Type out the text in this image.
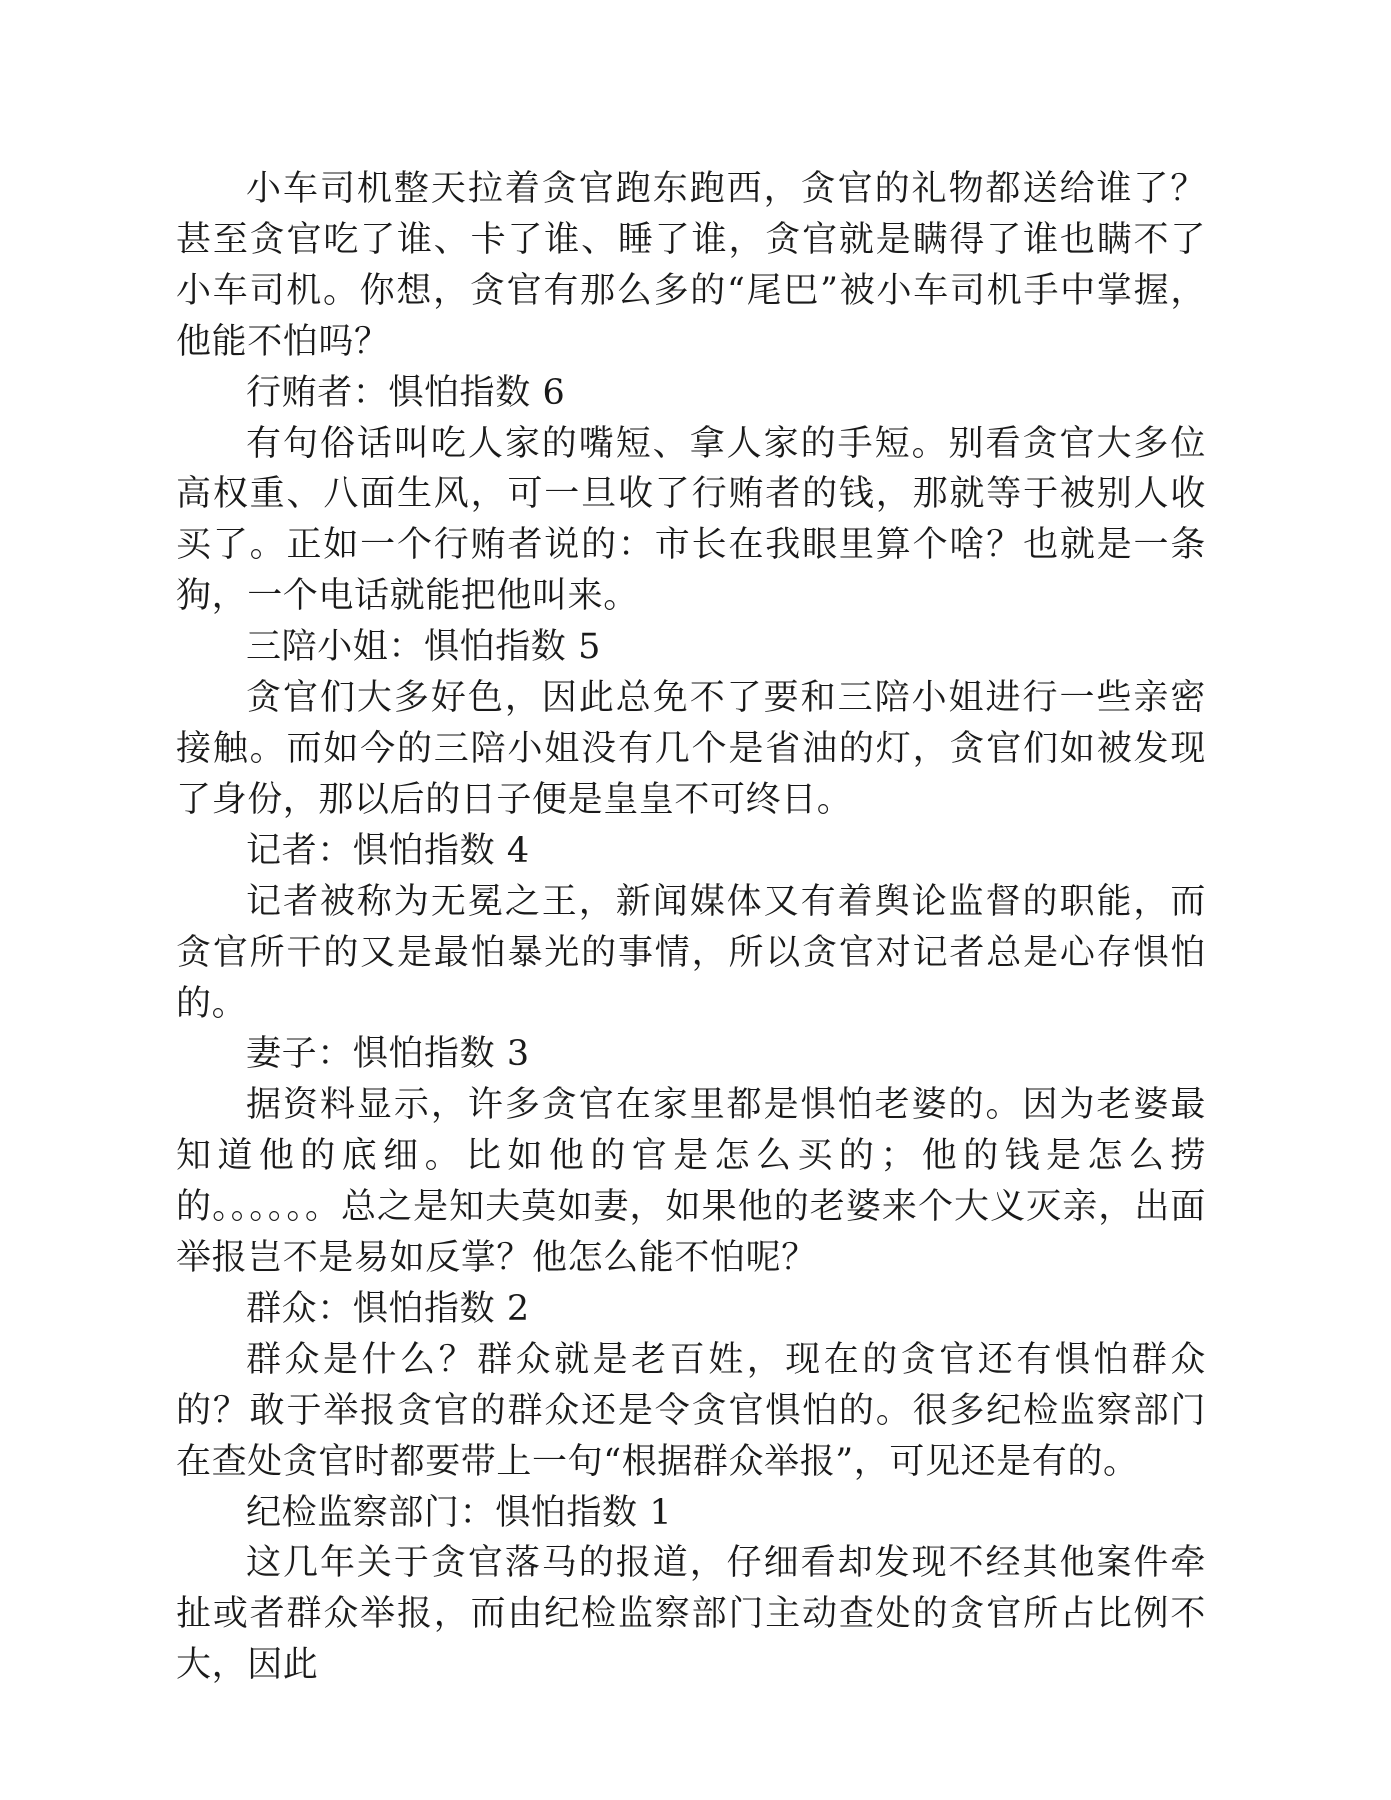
小车司机整天拉着贪官跑东跑西，贪官的礼物都送给谁了？甚至贪官吃了谁、卡了谁、睡了谁，贪官就是瞒得了谁也瞒不了小车司机。你想，贪官有那么多的“尾巴”被小车司机手中掌握，他能不怕吗？

行贿者：惧怕指数 6

有句俗话叫吃人家的嘴短、拿人家的手短。别看贪官大多位高权重、八面生风，可一旦收了行贿者的钱，那就等于被别人收买了。正如一个行贿者说的：市长在我眼里算个啥？也就是一条狗，一个电话就能把他叫来。

三陪小姐：惧怕指数 5

贪官们大多好色，因此总免不了要和三陪小姐进行一些亲密接触。而如今的三陪小姐没有几个是省油的灯，贪官们如被发现了身份，那以后的日子便是皇皇不可终日。

记者：惧怕指数 4

记者被称为无冕之王，新闻媒体又有着舆论监督的职能，而贪官所干的又是最怕暴光的事情，所以贪官对记者总是心存惧怕的。

妻子：惧怕指数 3

据资料显示，许多贪官在家里都是惧怕老婆的。因为老婆最知道他的底细。比如他的官是怎么买的；他的钱是怎么捞的。。。。。。总之是知夫莫如妻，如果他的老婆来个大义灭亲，出面举报岂不是易如反掌？他怎么能不怕呢？

群众：惧怕指数 2

群众是什么？群众就是老百姓，现在的贪官还有惧怕群众的？敢于举报贪官的群众还是令贪官惧怕的。很多纪检监察部门在查处贪官时都要带上一句“根据群众举报”，可见还是有的。

纪检监察部门：惧怕指数 1

这几年关于贪官落马的报道，仔细看却发现不经其他案件牵扯或者群众举报，而由纪检监察部门主动查处的贪官所占比例不大，因此
